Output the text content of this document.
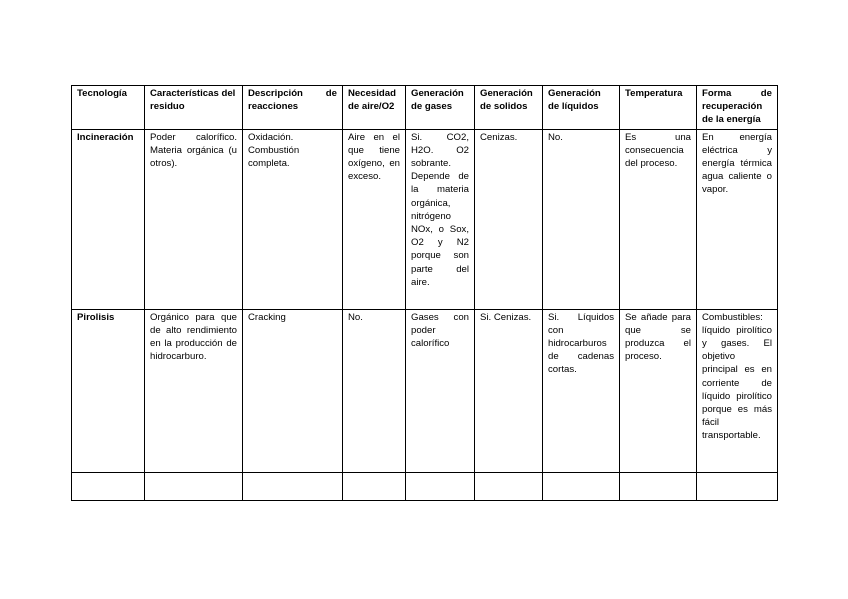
Tecnología	Características del residuo	Descripción de reacciones	Necesidad de aire/O2	Generación de gases	Generación de solidos	Generación de líquidos	Temperatura	Forma de recuperación de la energía
Incineración	Poder calorífico. Materia orgánica (u otros).	Oxidación. Combustión completa.	Aire en el que tiene oxígeno, en exceso.	Si. CO2, H2O. O2 sobrante. Depende de la materia orgánica, nitrógeno NOx, o Sox, O2 y N2 porque son parte del aire.	Cenizas.	No.	Es una consecuencia del proceso.	En energía eléctrica y energía térmica agua caliente o vapor.
Pirolisis	Orgánico para que de alto rendimiento en la producción de hidrocarburo.	Cracking	No.	Gases con poder calorífico	Si. Cenizas.	Si. Líquidos con hidrocarburos de cadenas cortas.	Se añade para que se produzca el proceso.	Combustibles: líquido pirolítico y gases. El objetivo principal es en corriente de líquido pirolítico porque es más fácil transportable.
